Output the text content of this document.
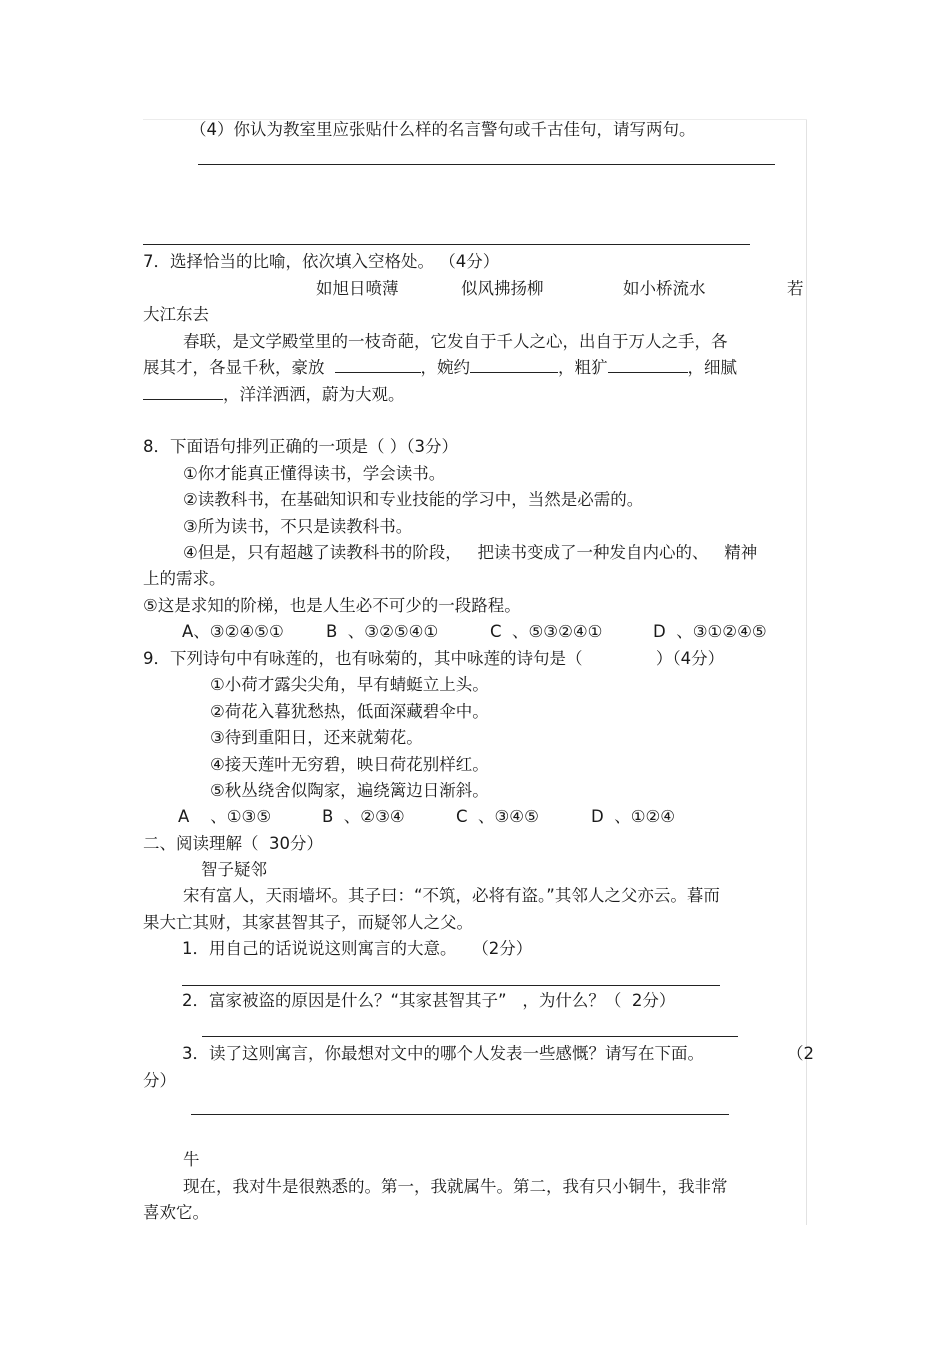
（4）你认为教室里应张贴什么样的名言警句或千古佳句，请写两句。
7．选择恰当的比喻，依次填入空格处。 （4分）
如旭日喷薄	似风拂扬柳	如小桥流水	若
大江东去
春联，是文学殿堂里的一枝奇葩，它发自于千人之心，出自于万人之手，各
展其才，各显千秋，豪放	，婉约	，粗犷	，细腻
，洋洋洒洒，蔚为大观。
8．下面语句排列正确的一项是（ ）（3分）
①你才能真正懂得读书，学会读书。
②读教科书，在基础知识和专业技能的学习中，当然是必需的。
③所为读书，不只是读教科书。
④但是，只有超越了读教科书的阶段，   把读书变成了一种发自内心的、   精神
上的需求。
⑤这是求知的阶梯，也是人生必不可少的一段路程。
A、③②④⑤①	B  、③②⑤④①	C  、⑤③②④①	D  、③①②④⑤
9．下列诗句中有咏莲的，也有咏菊的，其中咏莲的诗句是（              ）（4分）
①小荷才露尖尖角，早有蜻蜓立上头。
②荷花入暮犹愁热，低面深藏碧伞中。
③待到重阳日，还来就菊花。
④接天莲叶无穷碧，映日荷花别样红。
⑤秋丛绕舍似陶家，遍绕篱边日渐斜。
A    、①③⑤	B  、②③④	C  、③④⑤	D  、①②④
二、阅读理解（  30分）
智子疑邻
宋有富人，天雨墙坏。其子曰：“不筑，必将有盗。”其邻人之父亦云。暮而
果大亡其财，其家甚智其子，而疑邻人之父。
1．用自己的话说说这则寓言的大意。   （2分）
2．富家被盗的原因是什么？“其家甚智其子”   ，为什么？（  2分）
3．读了这则寓言，你最想对文中的哪个人发表一些感慨？请写在下面。	（2
分）
牛
现在，我对牛是很熟悉的。第一，我就属牛。第二，我有只小铜牛，我非常
喜欢它。
